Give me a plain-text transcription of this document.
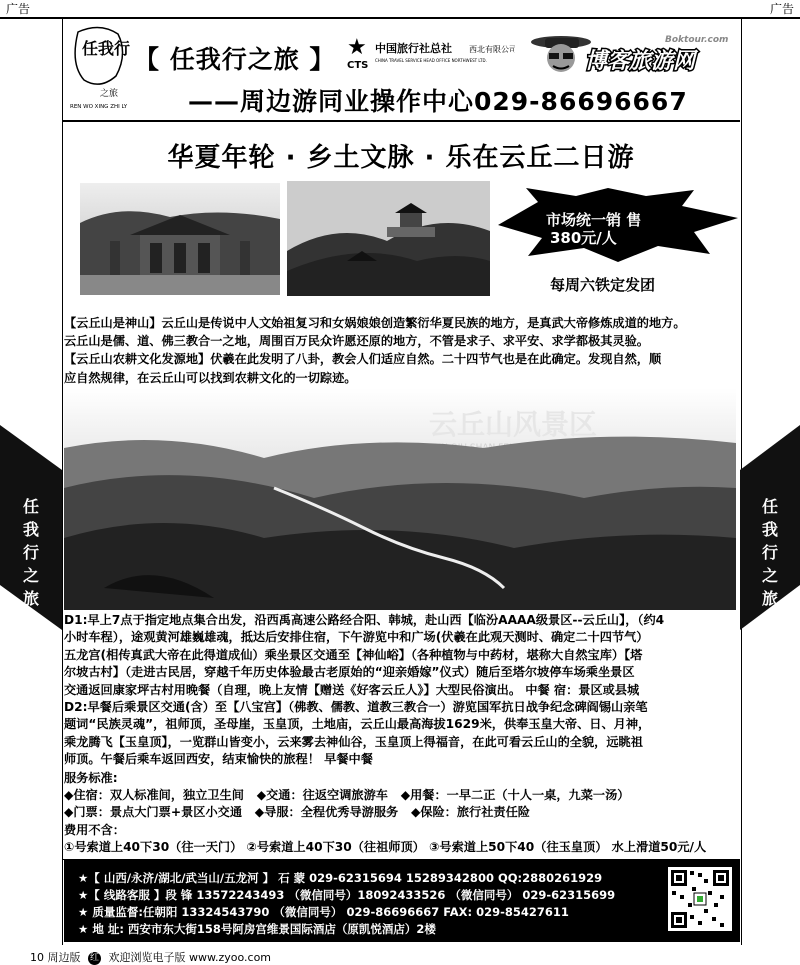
广告	广告
任我行
之旅
REN WO XING ZHI LY
【 任我行之旅 】 ★
CTS
中国旅行社总社 西北有限公司
CHINA TRAVEL SERVICE HEAD OFFICE NORTHWEST LTD.
Boktour.com
博客旅游网
——周边游同业操作中心029-86696667
华夏年轮 · 乡土文脉 · 乐在云丘二日游
市场统一销 售
380元/人
每周六铁定发团

【云丘山是神山】云丘山是传说中人文始祖复习和女娲娘娘创造繁衍华夏民族的地方，是真武大帝修炼成道的地方。

云丘山是儒、道、佛三教合一之地，周围百万民众许愿还原的地方，不管是求子、求平安、求学都极其灵验。

【云丘山农耕文化发源地】伏羲在此发明了八卦，教会人们适应自然。二十四节气也是在此确定。发现自然，顺

应自然规律，在云丘山可以找到农耕文化的一切踪迹。

云丘山风景区
任
我
行
之
旅
任
我
行
之
旅

D1:早上7点于指定地点集合出发，沿西禹高速公路经合阳、韩城，赴山西【临汾AAAA级景区--云丘山】，（约4

小时车程），途观黄河雄巍雄魂，抵达后安排住宿，下午游览中和广场(伏羲在此观天测时、确定二十四节气）

五龙宫(相传真武大帝在此得道成仙）乘坐景区交通至【神仙峪】（各种植物与中药材，堪称大自然宝库）【塔

尔坡古村】（走进古民居，穿越千年历史体验最古老原始的“迎亲婚嫁”仪式）随后至塔尔坡停车场乘坐景区

交通返回康家坪古村用晚餐（自理，晚上友情【赠送《好客云丘人》】大型民俗演出。 中餐 宿：景区或县城

D2:早餐后乘景区交通(含）至【八宝宫】（佛教、儒教、道教三教合一）游览国军抗日战争纪念碑阎锡山亲笔

题词“民族灵魂”，祖师顶，圣母崖，玉皇顶，土地庙，云丘山最高海拔1629米，供奉玉皇大帝、日、月神，

乘龙腾飞【玉皇顶】，一览群山皆变小，云来雾去神仙谷，玉皇顶上得福音，在此可看云丘山的全貌，远眺祖

师顶。午餐后乘车返回西安，结束愉快的旅程！ 早餐中餐

服务标准:

◆住宿：双人标准间，独立卫生间 ◆交通：往返空调旅游车 ◆用餐：一早二正（十人一桌，九菜一汤）

◆门票：景点大门票+景区小交通 ◆导服：全程优秀导游服务 ◆保险：旅行社责任险

费用不含：

①号索道上40下30（往一天门） ②号索道上40下30（往祖师顶） ③号索道上50下40（往玉皇顶） 水上滑道50元/人

★【 山西/永济/湖北/武当山/五龙河 】 石 蒙 029-62315694 15289342800 QQ:2880261929
★【 线路客服 】段 锋 13572243493 （微信同号）18092433526 （微信同号） 029-62315699
★ 质量监督:任朝阳 13324543790 （微信同号） 029-86696667 FAX: 029-85427611
★ 地 址: 西安市东大街158号阿房宫维景国际酒店（原凯悦酒店）2楼
10 周边版 红 欢迎浏览电子版 www.zyoo.com
